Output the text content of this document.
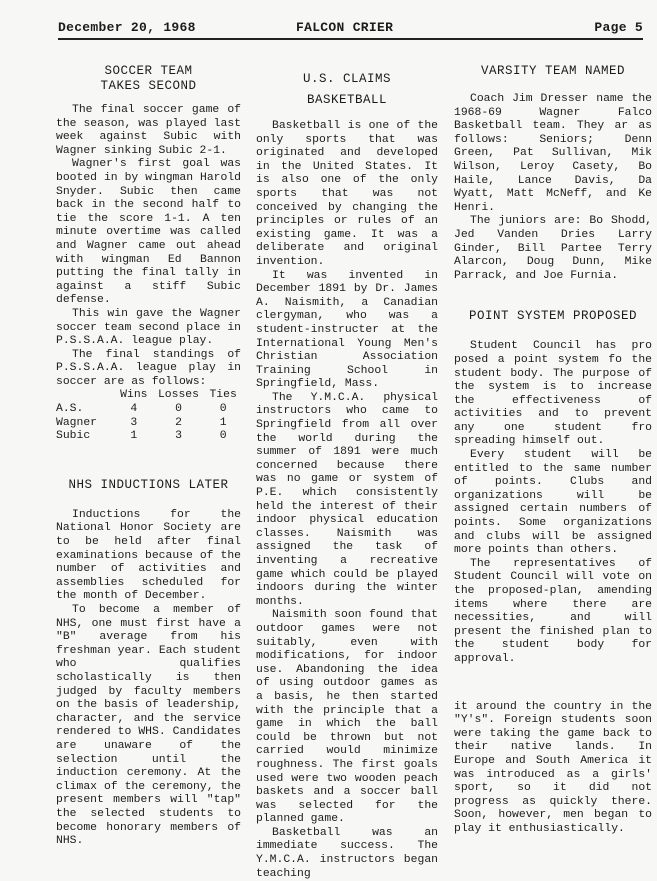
December 20, 1968	FALCON CRIER	Page 5
SOCCER TEAM
TAKES SECOND

The final soccer game of the season, was played last week against Subic with Wagner sinking Subic 2-1.

Wagner's first goal was booted in by wingman Harold Snyder. Subic then came back in the second half to tie the score 1-1. A ten minute overtime was called and Wagner came out ahead with wingman Ed Bannon putting the final tally in against a stiff Subic defense.

This win gave the Wagner soccer team second place in P.S.S.A.A. league play.

The final standings of P.S.S.A.A. league play in soccer are as follows:

	Wins	Losses	Ties
A.S.	4	0	0
Wagner	3	2	1
Subic	1	3	0
NHS INDUCTIONS LATER

Inductions for the National Honor Society are to be held after final examinations because of the number of activities and assemblies scheduled for the month of December.

To become a member of NHS, one must first have a "B" average from his freshman year. Each student who qualifies scholastically is then judged by faculty members on the basis of leadership, character, and the service rendered to WHS. Candidates are unaware of the selection until the induction ceremony. At the climax of the ceremony, the present members will "tap" the selected students to become honorary members of NHS.

U.S. CLAIMS
BASKETBALL

Basketball is one of the only sports that was originated and developed in the United States. It is also one of the only sports that was not conceived by changing the principles or rules of an existing game. It was a deliberate and original invention.

It was invented in December 1891 by Dr. James A. Naismith, a Canadian clergyman, who was a student-instructer at the International Young Men's Christian Association Training School in Springfield, Mass.

The Y.M.C.A. physical instructors who came to Springfield from all over the world during the summer of 1891 were much concerned because there was no game or system of P.E. which consistently held the interest of their indoor physical education classes. Naismith was assigned the task of inventing a recreative game which could be played indoors during the winter months.

Naismith soon found that outdoor games were not suitably, even with modifications, for indoor use. Abandoning the idea of using outdoor games as a basis, he then started with the principle that a game in which the ball could be thrown but not carried would minimize roughness. The first goals used were two wooden peach baskets and a soccer ball was selected for the planned game.

Basketball was an immediate success. The Y.M.C.A. instructors began teaching

VARSITY TEAM NAMED

Coach Jim Dresser name the 1968-69 Wagner Falco Basketball team. They ar as follows: Seniors; Denn Green, Pat Sullivan, Mik Wilson, Leroy Casety, Bo Haile, Lance Davis, Da Wyatt, Matt McNeff, and Ke Henri.

The juniors are: Bo Shodd, Jed Vanden Dries Larry Ginder, Bill Partee Terry Alarcon, Doug Dunn, Mike Parrack, and Joe Furnia.

POINT SYSTEM PROPOSED

Student Council has pro posed a point system fo the student body. The purpose of the system is to increase the effectiveness of activities and to prevent any one student fro spreading himself out.

Every student will be entitled to the same number of points. Clubs and organizations will be assigned certain numbers of points. Some organizations and clubs will be assigned more points than others.

The representatives of Student Council will vote on the proposed-plan, amending items where there are necessities, and will present the finished plan to the student body for approval.

it around the country in the "Y's". Foreign students soon were taking the game back to their native lands. In Europe and South America it was introduced as a girls' sport, so it did not progress as quickly there. Soon, however, men began to play it enthusiastically.
